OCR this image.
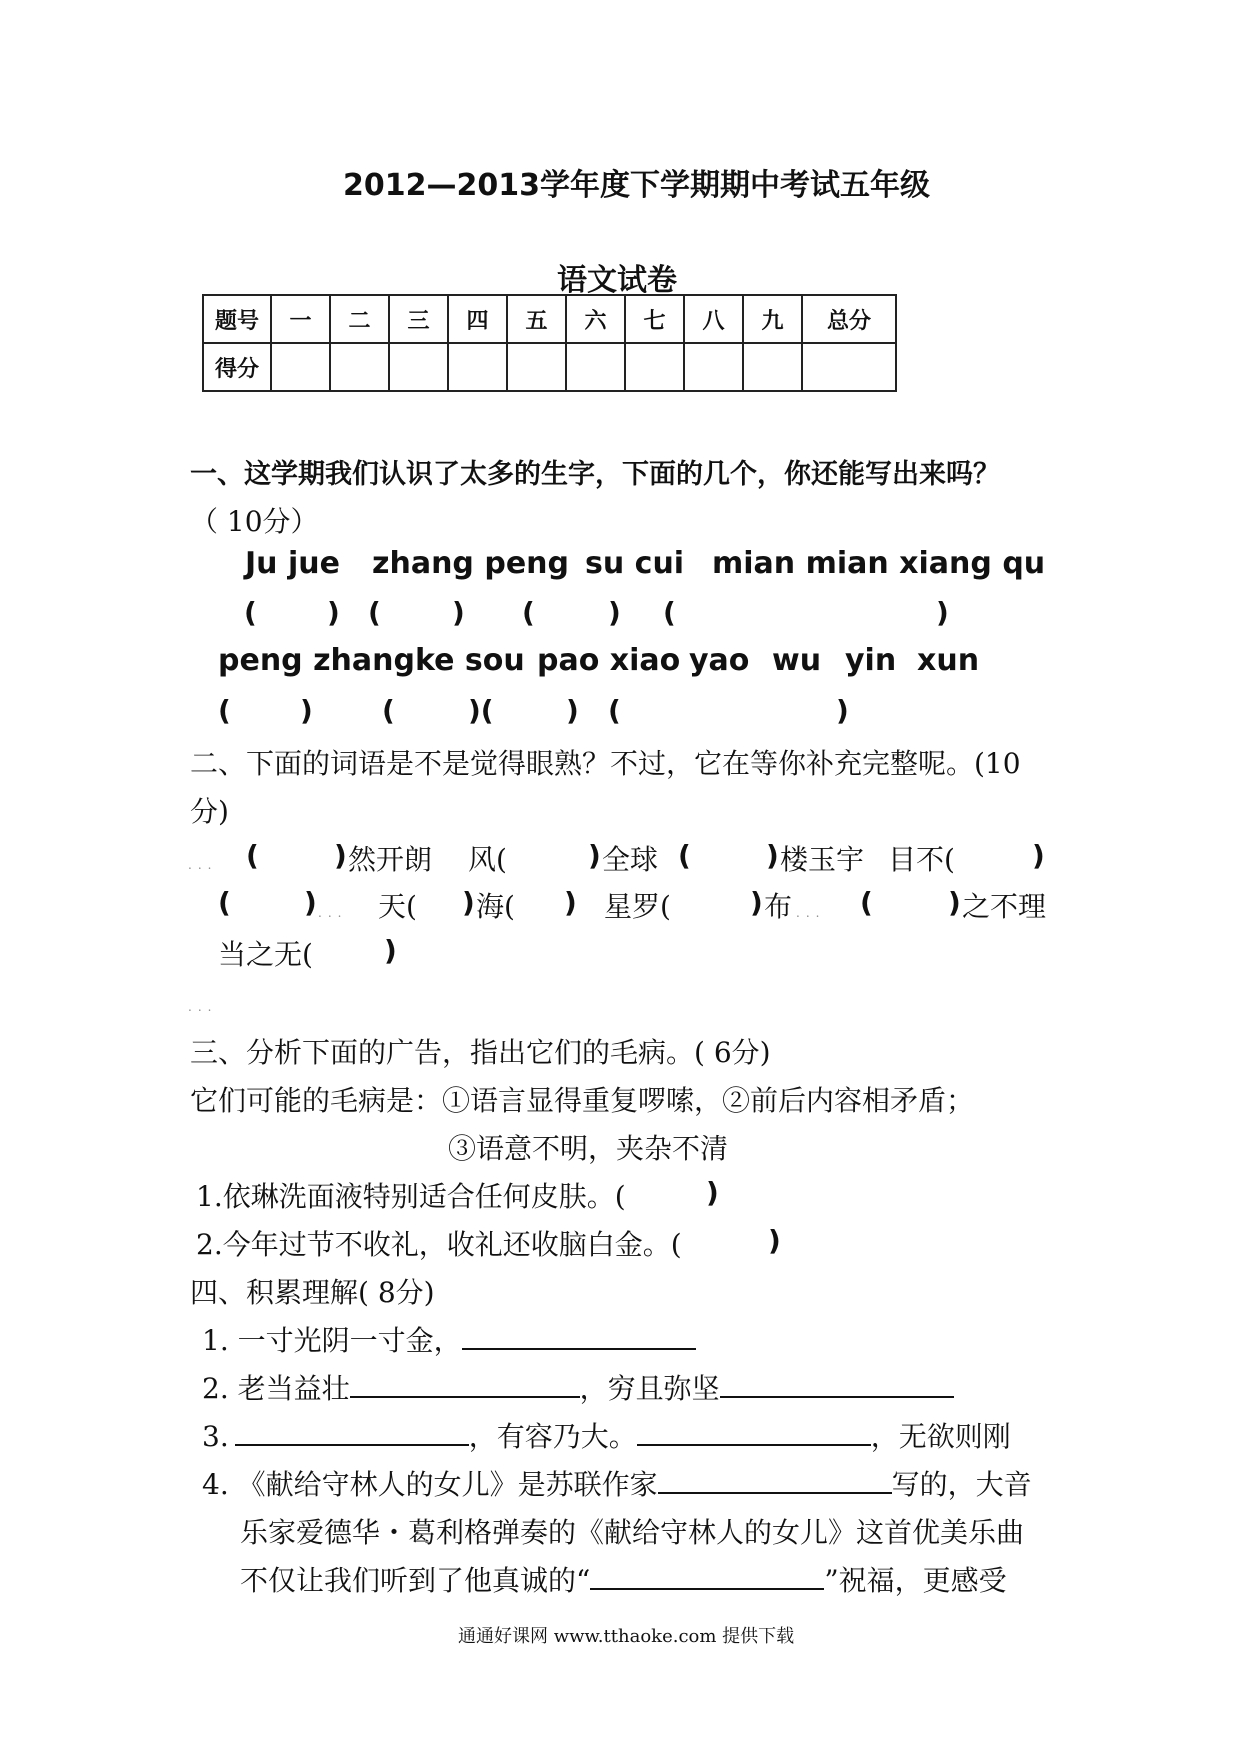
2012—2013学年度下学期期中考试五年级
语文试卷
题号	一	二	三	四	五	六	七	八	九	总分
得分										
一、这学期我们认识了太多的生字，下面的几个，你还能写出来吗？
（ 10分）
Ju jue zhang peng su cui mian mian xiang qu
(	) (	) (	) (	)
peng zhang ke sou pao xiao yao wu yin xun
( ) (	)(	) (	)
二、下面的词语是不是觉得眼熟？不过，它在等你补充完整呢。(10
分)
... (	) 然开朗 风(	) 全球 (	) 楼玉宇 目不(	)
(	) ... 天( ) 海( ) 星罗(	) 布 ... (	) 之不理
当之无(	)
...
三、分析下面的广告，指出它们的毛病。( 6分)
它们可能的毛病是：①语言显得重复啰嗦，②前后内容相矛盾；
③语意不明，夹杂不清
1.依琳洗面液特别适合任何皮肤。(	)
2.今年过节不收礼，收礼还收脑白金。(	)
四、积累理解( 8分)
1. 一寸光阴一寸金，
2. 老当益壮	，穷且弥坚
3.	，有容乃大。	，无欲则刚
4. 《献给守林人的女儿》是苏联作家	写的，大音
乐家爱德华・葛利格弹奏的《献给守林人的女儿》这首优美乐曲
不仅让我们听到了他真诚的“	”祝福，更感受
通通好课网 www.tthaoke.com 提供下载
